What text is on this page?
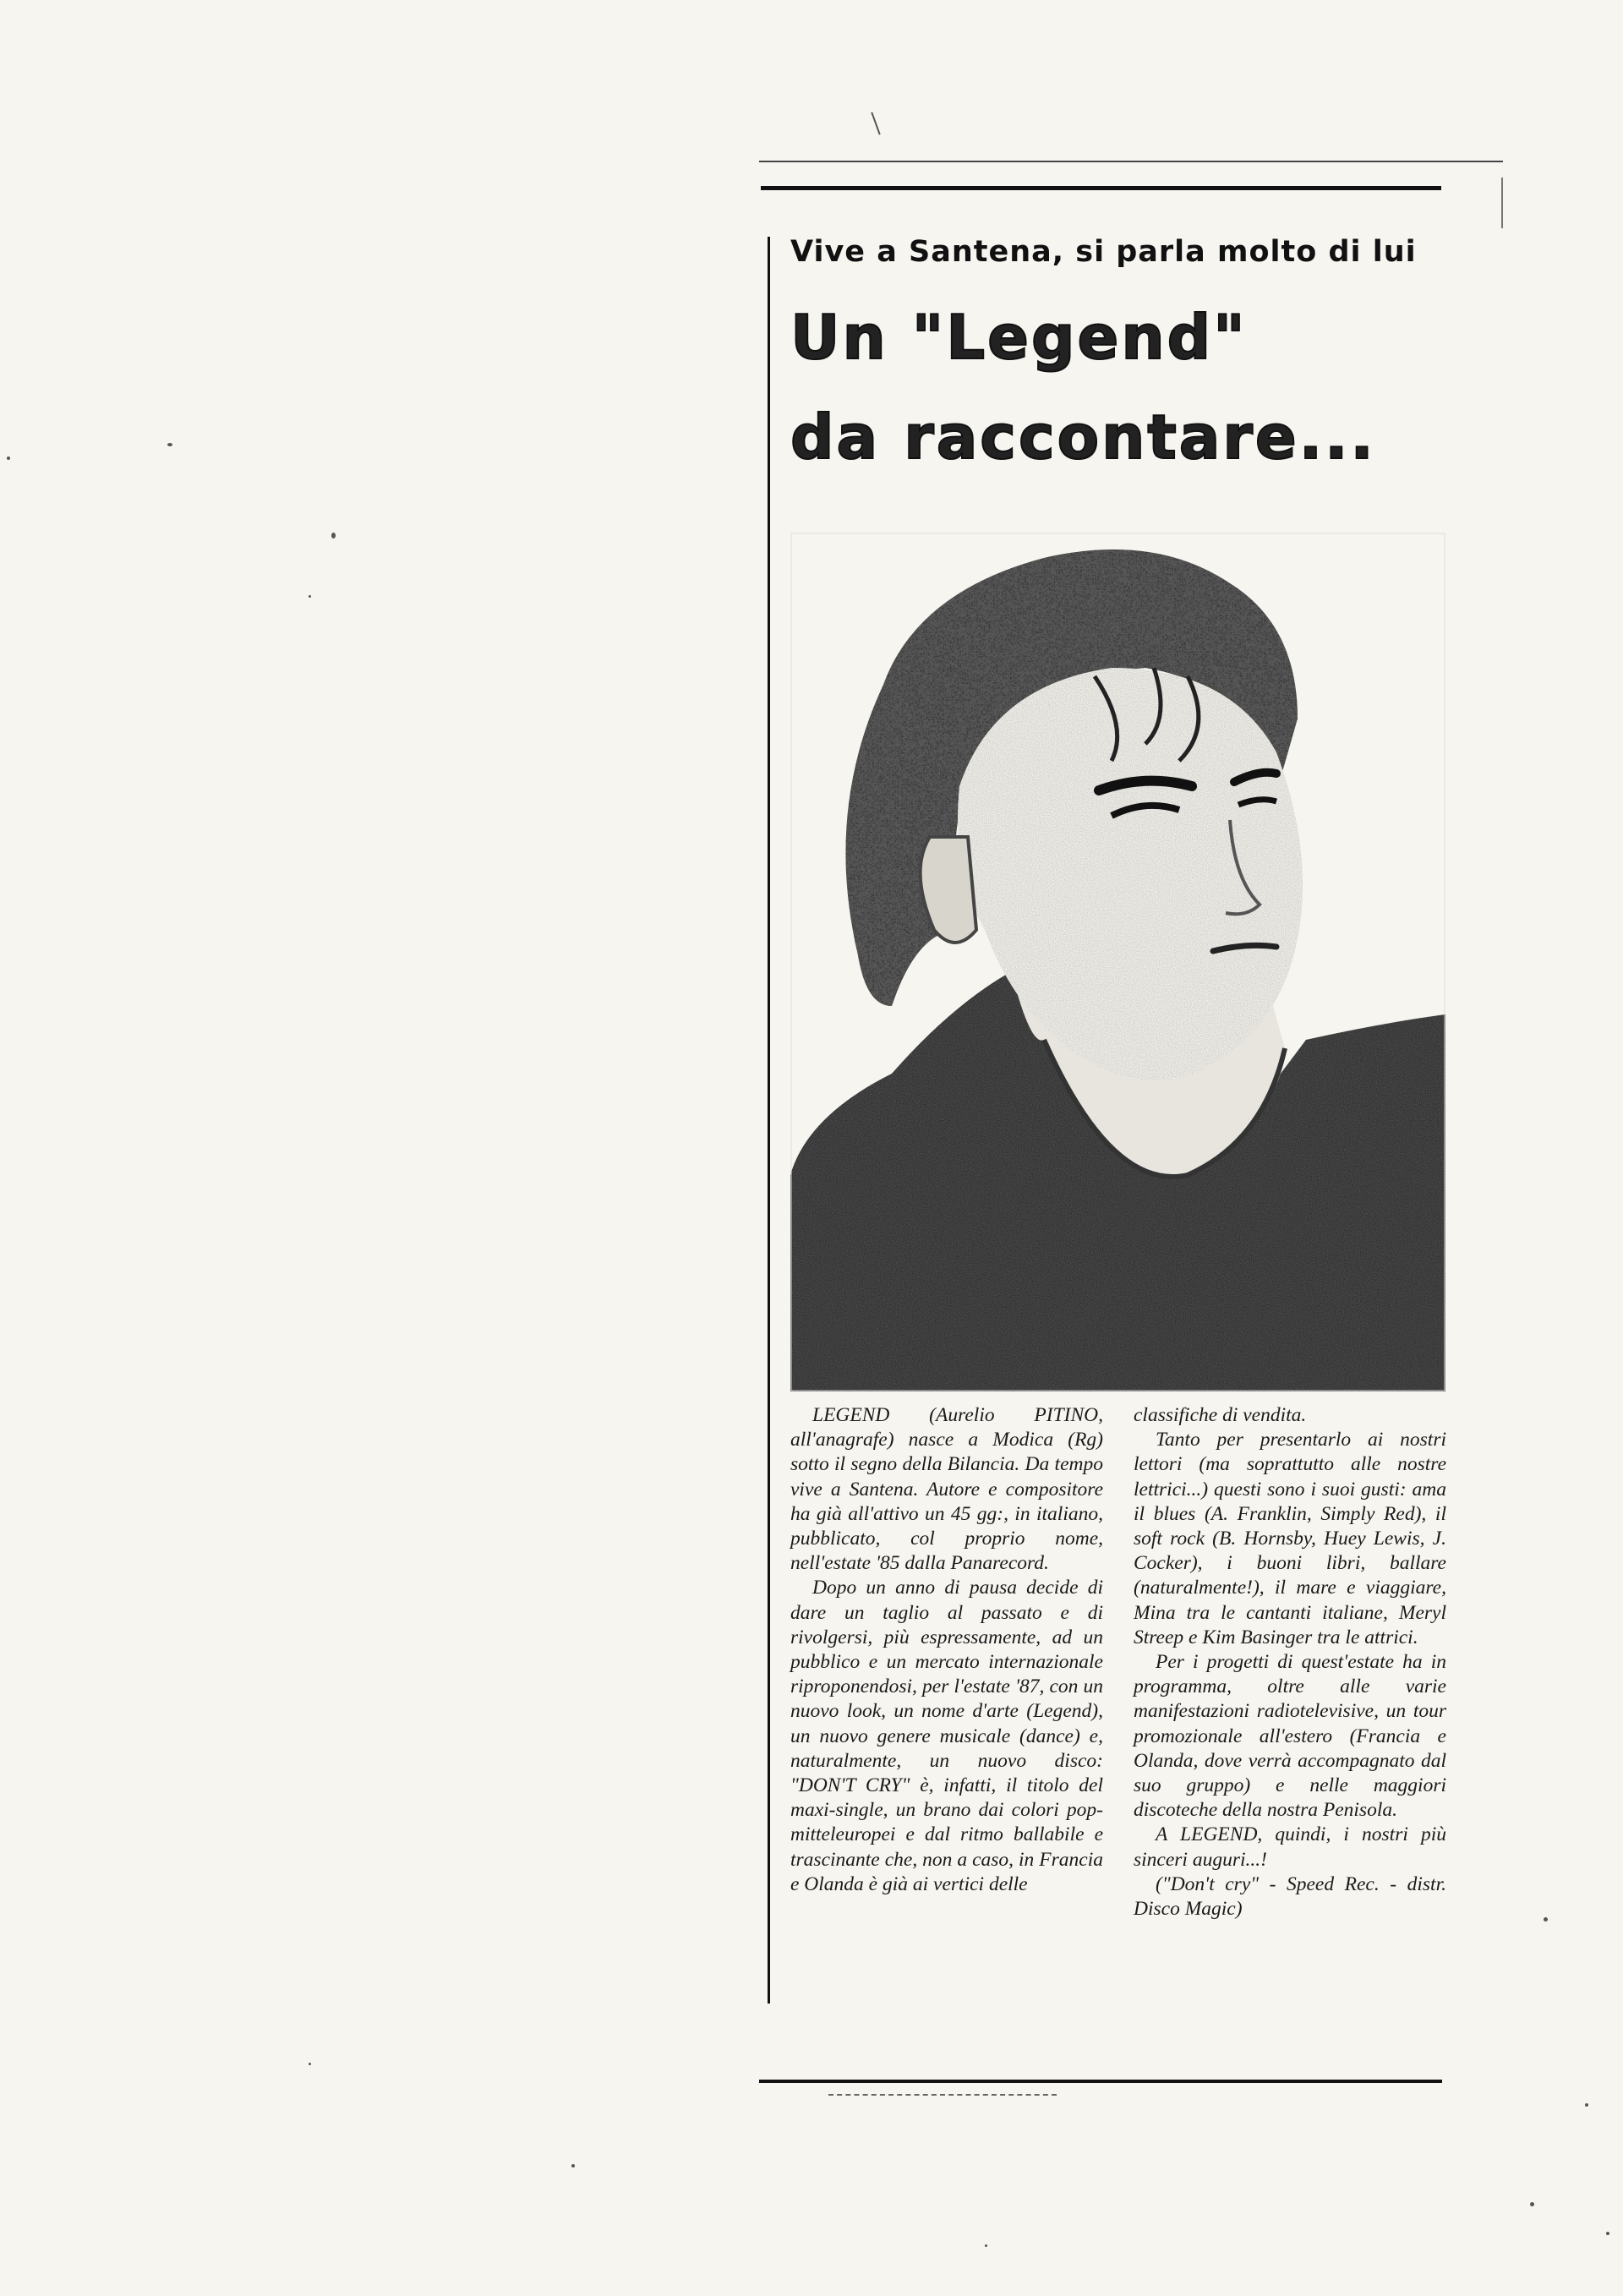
Vive a Santena, si parla molto di lui
Un "Legend"
da raccontare...

LEGEND (Aurelio PITINO, all'anagrafe) nasce a Modica (Rg) sotto il segno della Bilancia. Da tempo vive a Santena. Autore e compositore ha già all'attivo un 45 gg:, in italiano, pubblicato, col proprio nome, nell'estate '85 dalla Panarecord.

Dopo un anno di pausa decide di dare un taglio al passato e di rivolgersi, più espressamente, ad un pubblico e un mercato internazionale riproponendosi, per l'estate '87, con un nuovo look, un nome d'arte (Legend), un nuovo genere musicale (dance) e, naturalmente, un nuovo disco: "DON'T CRY" è, infatti, il titolo del maxi-single, un brano dai colori pop-mitteleuropei e dal ritmo ballabile e trascinante che, non a caso, in Francia e Olanda è già ai vertici delle

classifiche di vendita.

Tanto per presentarlo ai nostri lettori (ma soprattutto alle nostre lettrici...) questi sono i suoi gusti: ama il blues (A. Franklin, Simply Red), il soft rock (B. Hornsby, Huey Lewis, J. Cocker), i buoni libri, ballare (naturalmente!), il mare e viaggiare, Mina tra le cantanti italiane, Meryl Streep e Kim Basinger tra le attrici.

Per i progetti di quest'estate ha in programma, oltre alle varie manifestazioni radiotelevisive, un tour promozionale all'estero (Francia e Olanda, dove verrà accompagnato dal suo gruppo) e nelle maggiori discoteche della nostra Penisola.

A LEGEND, quindi, i nostri più sinceri auguri...!

("Don't cry" - Speed Rec. - distr. Disco Magic)
